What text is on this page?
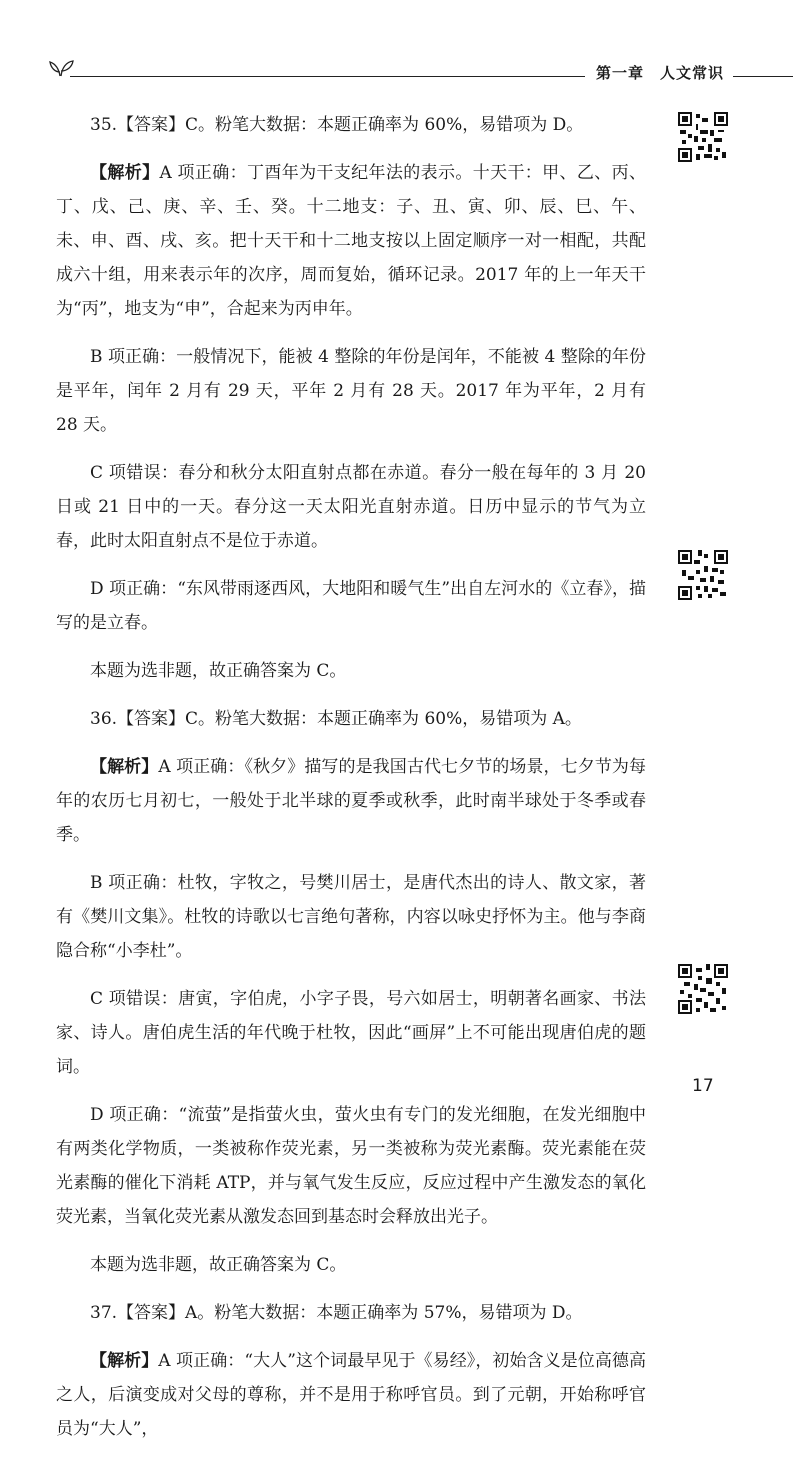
第一章 人文常识

35.【答案】C。粉笔大数据：本题正确率为 60%，易错项为 D。

【解析】A 项正确：丁酉年为干支纪年法的表示。十天干：甲、乙、丙、丁、戊、己、庚、辛、壬、癸。十二地支：子、丑、寅、卯、辰、巳、午、未、申、酉、戌、亥。把十天干和十二地支按以上固定顺序一对一相配，共配成六十组，用来表示年的次序，周而复始，循环记录。2017 年的上一年天干为“丙”，地支为“申”，合起来为丙申年。

B 项正确：一般情况下，能被 4 整除的年份是闰年，不能被 4 整除的年份是平年，闰年 2 月有 29 天，平年 2 月有 28 天。2017 年为平年，2 月有 28 天。

C 项错误：春分和秋分太阳直射点都在赤道。春分一般在每年的 3 月 20 日或 21 日中的一天。春分这一天太阳光直射赤道。日历中显示的节气为立春，此时太阳直射点不是位于赤道。

D 项正确：“东风带雨逐西风，大地阳和暖气生”出自左河水的《立春》，描写的是立春。

本题为选非题，故正确答案为 C。

36.【答案】C。粉笔大数据：本题正确率为 60%，易错项为 A。

【解析】A 项正确：《秋夕》描写的是我国古代七夕节的场景，七夕节为每年的农历七月初七，一般处于北半球的夏季或秋季，此时南半球处于冬季或春季。

B 项正确：杜牧，字牧之，号樊川居士，是唐代杰出的诗人、散文家，著有《樊川文集》。杜牧的诗歌以七言绝句著称，内容以咏史抒怀为主。他与李商隐合称“小李杜”。

C 项错误：唐寅，字伯虎，小字子畏，号六如居士，明朝著名画家、书法家、诗人。唐伯虎生活的年代晚于杜牧，因此“画屏”上不可能出现唐伯虎的题词。

D 项正确：“流萤”是指萤火虫，萤火虫有专门的发光细胞，在发光细胞中有两类化学物质，一类被称作荧光素，另一类被称为荧光素酶。荧光素能在荧光素酶的催化下消耗 ATP，并与氧气发生反应，反应过程中产生激发态的氧化荧光素，当氧化荧光素从激发态回到基态时会释放出光子。

本题为选非题，故正确答案为 C。

37.【答案】A。粉笔大数据：本题正确率为 57%，易错项为 D。

【解析】A 项正确：“大人”这个词最早见于《易经》，初始含义是位高德高之人，后演变成对父母的尊称，并不是用于称呼官员。到了元朝，开始称呼官员为“大人”，

17
